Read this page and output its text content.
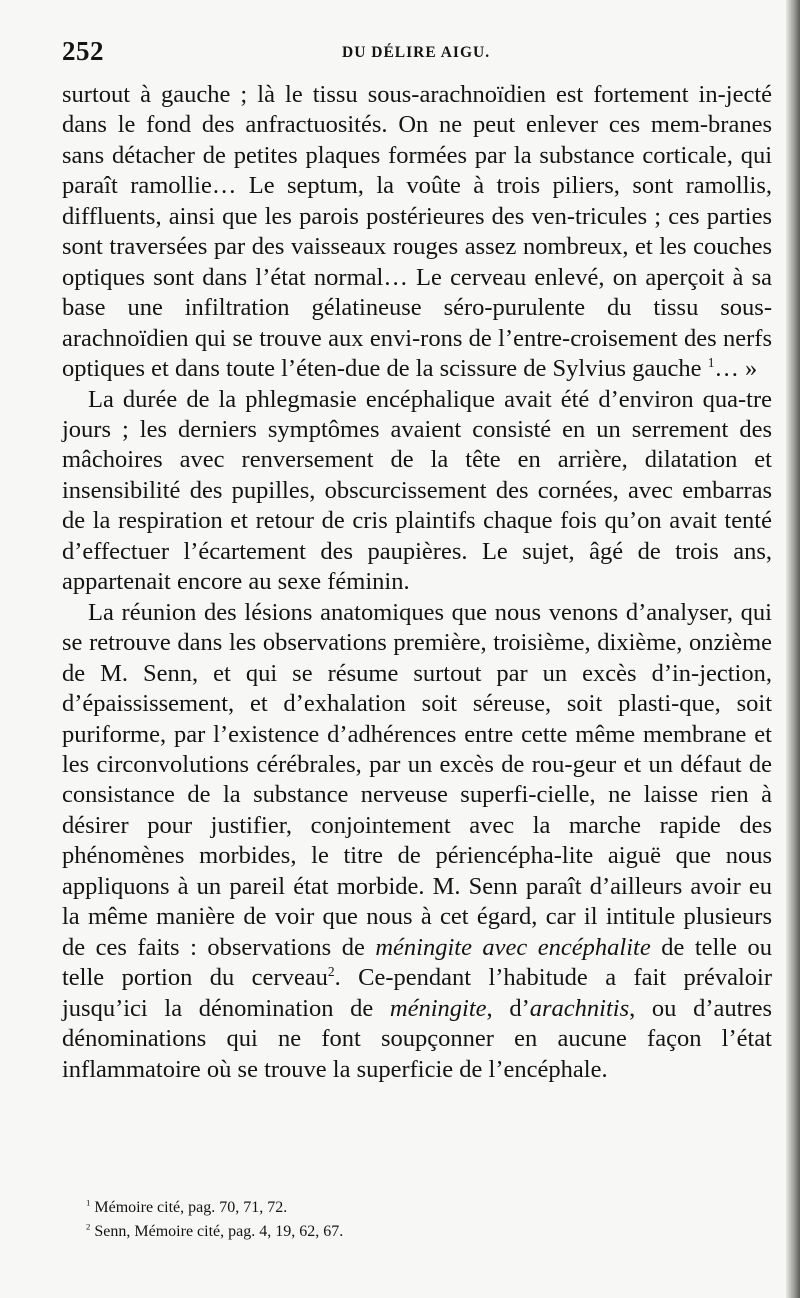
252	DU DÉLIRE AIGU.

surtout à gauche ; là le tissu sous-arachnoïdien est fortement in-jecté dans le fond des anfractuosités. On ne peut enlever ces mem-branes sans détacher de petites plaques formées par la substance corticale, qui paraît ramollie… Le septum, la voûte à trois piliers, sont ramollis, diffluents, ainsi que les parois postérieures des ven-tricules ; ces parties sont traversées par des vaisseaux rouges assez nombreux, et les couches optiques sont dans l’état normal… Le cerveau enlevé, on aperçoit à sa base une infiltration gélatineuse séro-purulente du tissu sous-arachnoïdien qui se trouve aux envi-rons de l’entre-croisement des nerfs optiques et dans toute l’éten-due de la scissure de Sylvius gauche $^1$… »

La durée de la phlegmasie encéphalique avait été d’environ qua-tre jours ; les derniers symptômes avaient consisté en un serrement des mâchoires avec renversement de la tête en arrière, dilatation et insensibilité des pupilles, obscurcissement des cornées, avec embarras de la respiration et retour de cris plaintifs chaque fois qu’on avait tenté d’effectuer l’écartement des paupières. Le sujet, âgé de trois ans, appartenait encore au sexe féminin.

La réunion des lésions anatomiques que nous venons d’analyser, qui se retrouve dans les observations première, troisième, dixième, onzième de M. Senn, et qui se résume surtout par un excès d’in-jection, d’épaississement, et d’exhalation soit séreuse, soit plasti-que, soit puriforme, par l’existence d’adhérences entre cette même membrane et les circonvolutions cérébrales, par un excès de rou-geur et un défaut de consistance de la substance nerveuse superfi-cielle, ne laisse rien à désirer pour justifier, conjointement avec la marche rapide des phénomènes morbides, le titre de périencépha-lite aiguë que nous appliquons à un pareil état morbide. M. Senn paraît d’ailleurs avoir eu la même manière de voir que nous à cet égard, car il intitule plusieurs de ces faits : observations de méningite avec encéphalite de telle ou telle portion du cerveau$^2$. Ce-pendant l’habitude a fait prévaloir jusqu’ici la dénomination de méningite, d’arachnitis, ou d’autres dénominations qui ne font soupçonner en aucune façon l’état inflammatoire où se trouve la superficie de l’encéphale.

$^1$ Mémoire cité, pag. 70, 71, 72.
$^2$ Senn, Mémoire cité, pag. 4, 19, 62, 67.
